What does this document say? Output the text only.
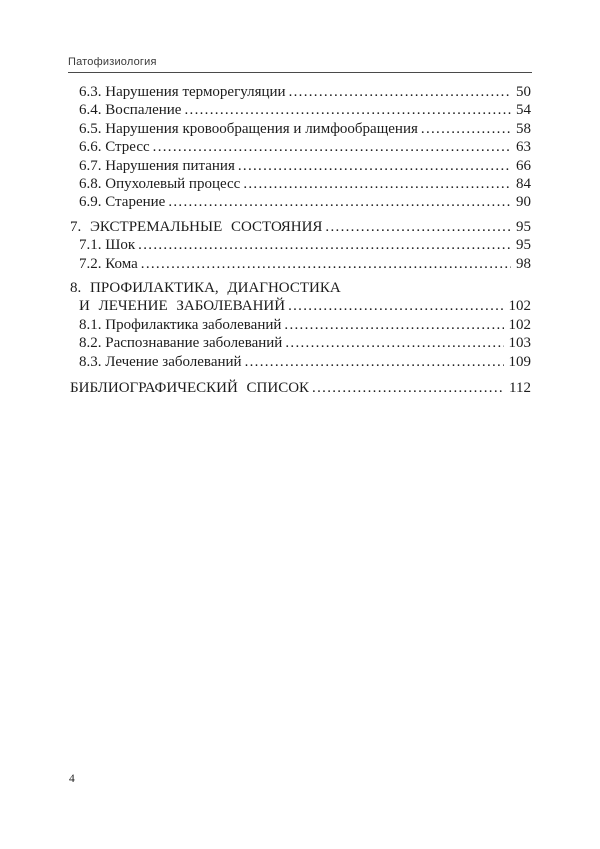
Патофизиология
6.3. Нарушения терморегуляции .....	50
6.4. Воспаление .....	54
6.5. Нарушения кровообращения и лимфообращения .....	58
6.6. Стресс .....	63
6.7. Нарушения питания .....	66
6.8. Опухолевый процесс .....	84
6.9. Старение .....	90
7. ЭКСТРЕМАЛЬНЫЕ СОСТОЯНИЯ .....	95
7.1. Шок .....	95
7.2. Кома .....	98
8. ПРОФИЛАКТИКА, ДИАГНОСТИКА
И ЛЕЧЕНИЕ ЗАБОЛЕВАНИЙ .....	102
8.1. Профилактика заболеваний .....	102
8.2. Распознавание заболеваний .....	103
8.3. Лечение заболеваний .....	109
БИБЛИОГРАФИЧЕСКИЙ СПИСОК .....	112
4
